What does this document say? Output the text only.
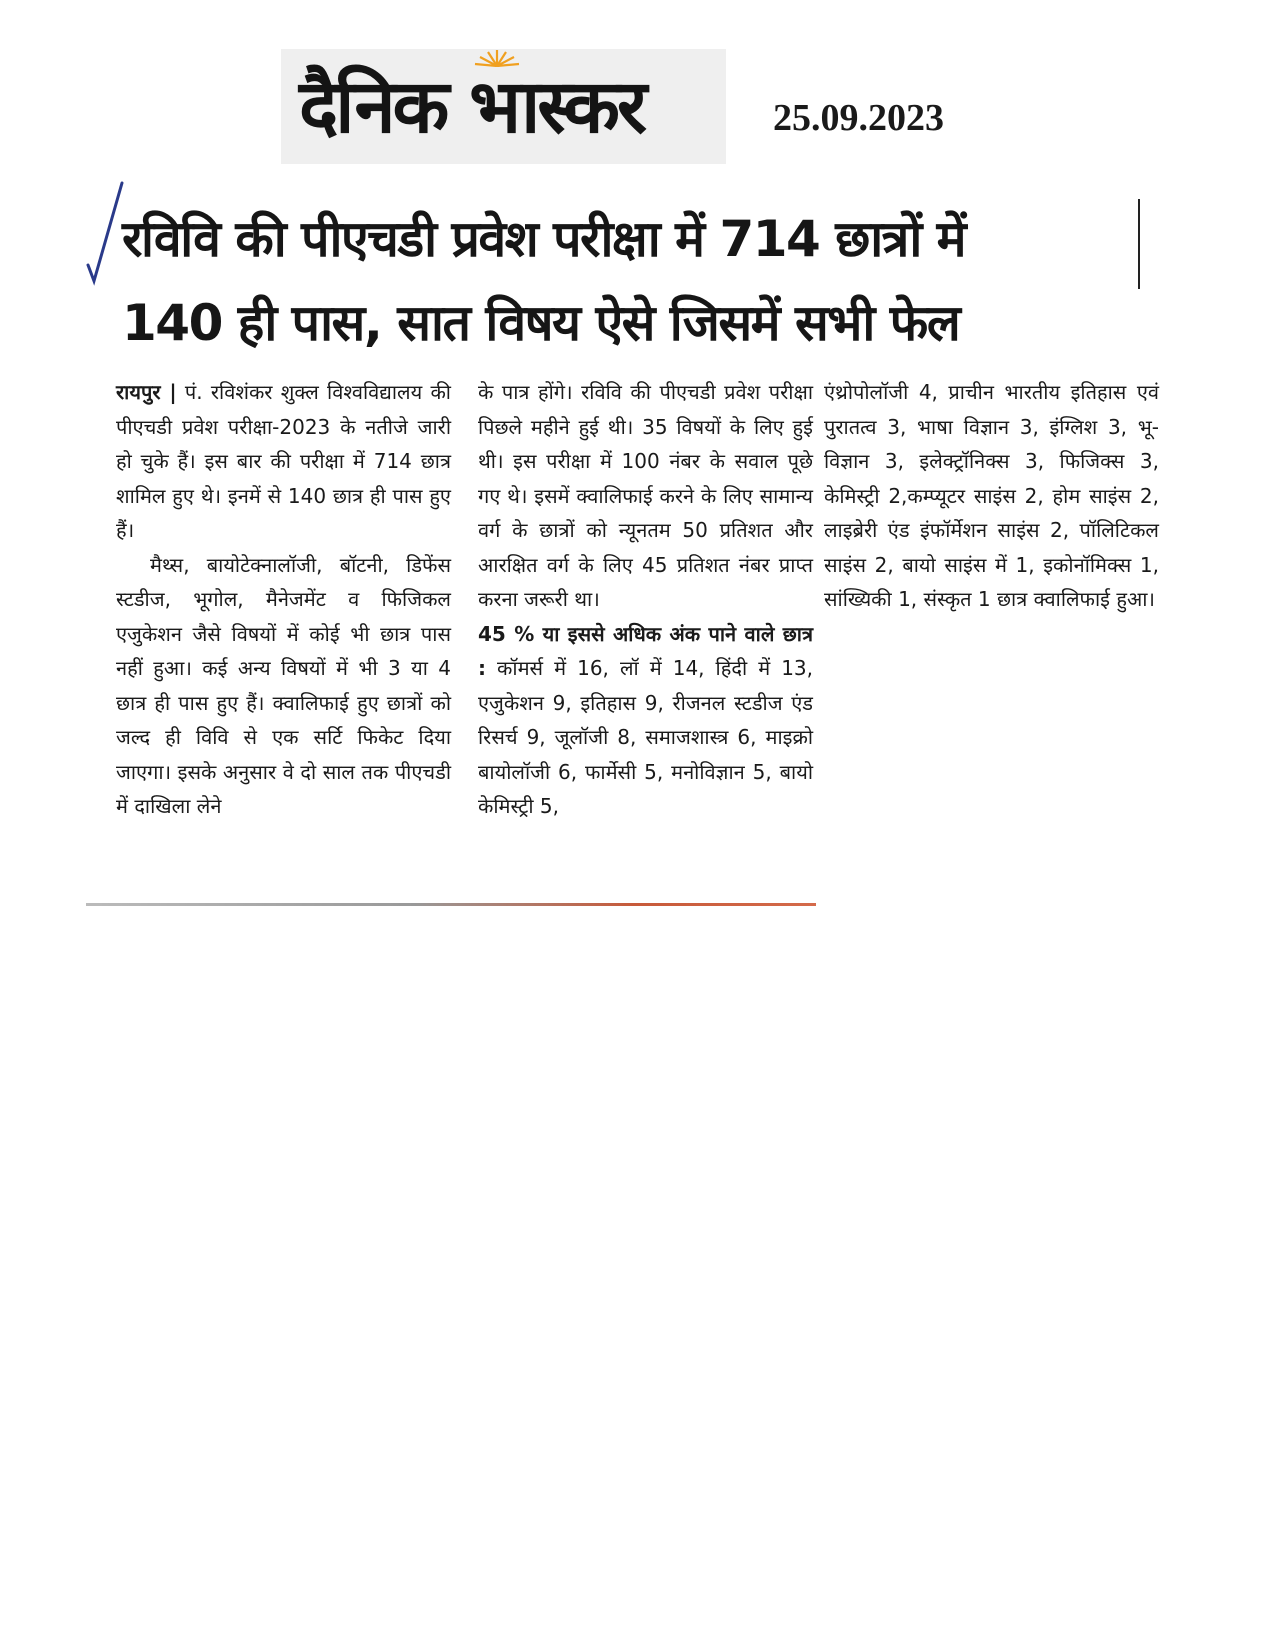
दैनिक भास्कर	25.09.2023
रविवि की पीएचडी प्रवेश परीक्षा में 714 छात्रों में
140 ही पास, सात विषय ऐसे जिसमें सभी फेल

रायपुर | पं. रविशंकर शुक्ल विश्वविद्यालय की पीएचडी प्रवेश परीक्षा-2023 के नतीजे जारी हो चुके हैं। इस बार की परीक्षा में 714 छात्र शामिल हुए थे। इनमें से 140 छात्र ही पास हुए हैं।

मैथ्स, बायोटेक्नालॉजी, बॉटनी, डिफेंस स्टडीज, भूगोल, मैनेजमेंट व फिजिकल एजुकेशन जैसे विषयों में कोई भी छात्र पास नहीं हुआ। कई अन्य विषयों में भी 3 या 4 छात्र ही पास हुए हैं। क्वालिफाई हुए छात्रों को जल्द ही विवि से एक सर्टि फिकेट दिया जाएगा। इसके अनुसार वे दो साल तक पीएचडी में दाखिला लेने

के पात्र होंगे। रविवि की पीएचडी प्रवेश परीक्षा पिछले महीने हुई थी। 35 विषयों के लिए हुई थी। इस परीक्षा में 100 नंबर के सवाल पूछे गए थे। इसमें क्वालिफाई करने के लिए सामान्य वर्ग के छात्रों को न्यूनतम 50 प्रतिशत और आरक्षित वर्ग के लिए 45 प्रतिशत नंबर प्राप्त करना जरूरी था।

45 % या इससे अधिक अंक पाने वाले छात्र : कॉमर्स में 16, लॉ में 14, हिंदी में 13, एजुकेशन 9, इतिहास 9, रीजनल स्टडीज एंड रिसर्च 9, जूलॉजी 8, समाजशास्त्र 6, माइक्रो बायोलॉजी 6, फार्मेसी 5, मनोविज्ञान 5, बायो केमिस्ट्री 5,

एंथ्रोपोलॉजी 4, प्राचीन भारतीय इतिहास एवं पुरातत्व 3, भाषा विज्ञान 3, इंग्लिश 3, भू-विज्ञान 3, इलेक्ट्रॉनिक्स 3, फिजिक्स 3, केमिस्ट्री 2,कम्प्यूटर साइंस 2, होम साइंस 2, लाइब्रेरी एंड इंफॉर्मेशन साइंस 2, पॉलिटिकल साइंस 2, बायो साइंस में 1, इकोनॉमिक्स 1, सांख्यिकी 1, संस्कृत 1 छात्र क्वालिफाई हुआ।
